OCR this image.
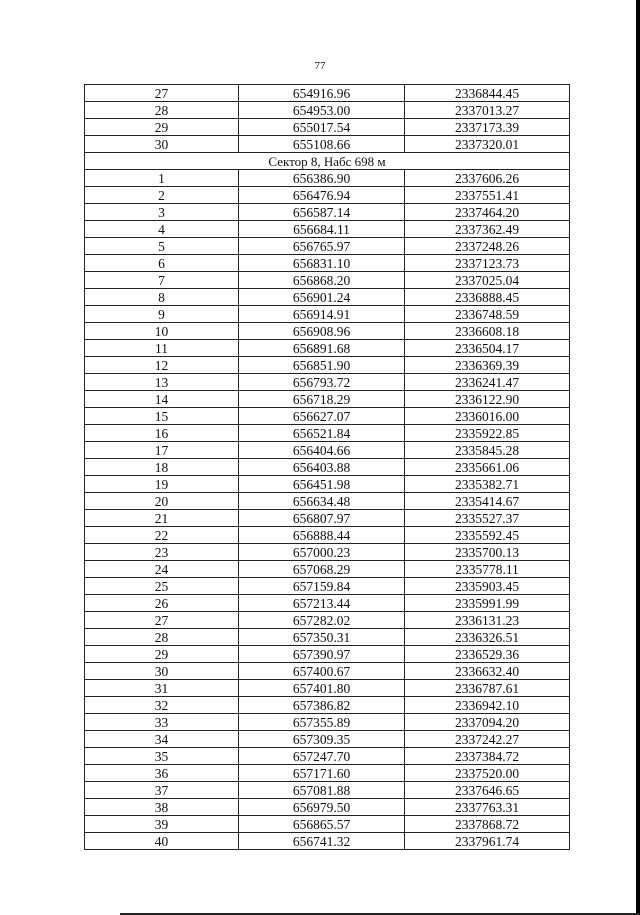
77
27	654916.96	2336844.45
28	654953.00	2337013.27
29	655017.54	2337173.39
30	655108.66	2337320.01
Сектор 8, Набс 698 м		
1	656386.90	2337606.26
2	656476.94	2337551.41
3	656587.14	2337464.20
4	656684.11	2337362.49
5	656765.97	2337248.26
6	656831.10	2337123.73
7	656868.20	2337025.04
8	656901.24	2336888.45
9	656914.91	2336748.59
10	656908.96	2336608.18
11	656891.68	2336504.17
12	656851.90	2336369.39
13	656793.72	2336241.47
14	656718.29	2336122.90
15	656627.07	2336016.00
16	656521.84	2335922.85
17	656404.66	2335845.28
18	656403.88	2335661.06
19	656451.98	2335382.71
20	656634.48	2335414.67
21	656807.97	2335527.37
22	656888.44	2335592.45
23	657000.23	2335700.13
24	657068.29	2335778.11
25	657159.84	2335903.45
26	657213.44	2335991.99
27	657282.02	2336131.23
28	657350.31	2336326.51
29	657390.97	2336529.36
30	657400.67	2336632.40
31	657401.80	2336787.61
32	657386.82	2336942.10
33	657355.89	2337094.20
34	657309.35	2337242.27
35	657247.70	2337384.72
36	657171.60	2337520.00
37	657081.88	2337646.65
38	656979.50	2337763.31
39	656865.57	2337868.72
40	656741.32	2337961.74
